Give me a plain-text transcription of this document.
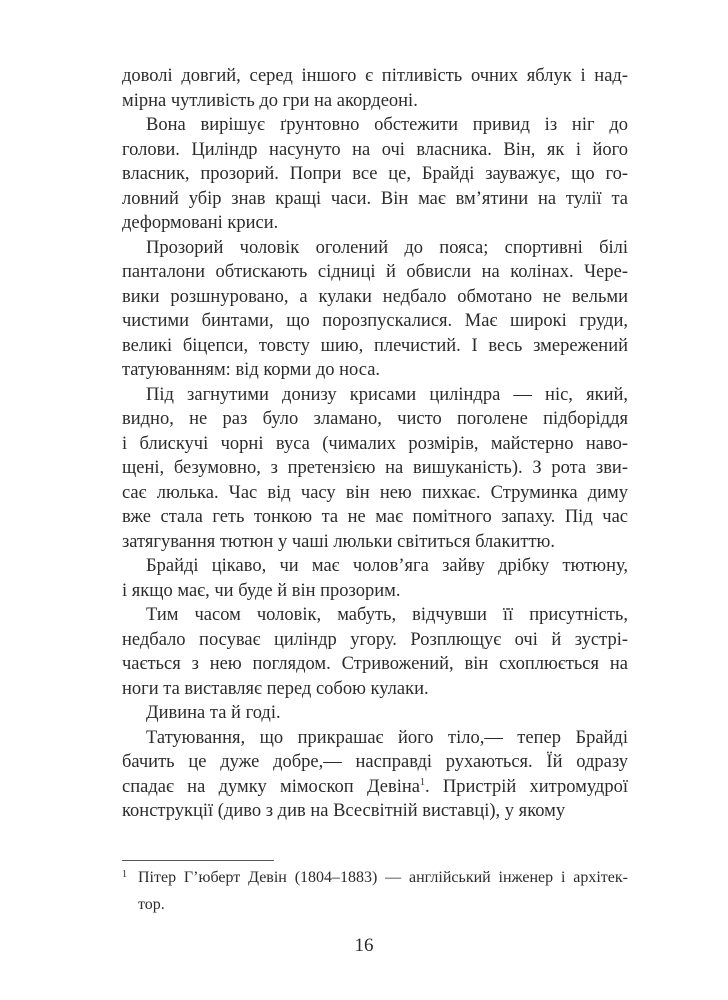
доволі довгий, серед іншого є пітливість очних яблук і над-
мірна чутливість до гри на акордеоні.
Вона вирішує ґрунтовно обстежити привид із ніг до
голови. Циліндр насунуто на очі власника. Він, як і його
власник, прозорий. Попри все це, Брайді зауважує, що го-
ловний убір знав кращі часи. Він має вм’ятини на тулії та
деформовані криси.
Прозорий чоловік оголений до пояса; спортивні білі
панталони обтискають сідниці й обвисли на колінах. Чере-
вики розшнуровано, а кулаки недбало обмотано не вельми
чистими бинтами, що порозпускалися. Має широкі груди,
великі біцепси, товсту шию, плечистий. І весь змережений
татуюванням: від корми до носа.
Під загнутими донизу крисами циліндра — ніс, який,
видно, не раз було зламано, чисто поголене підборіддя
і блискучі чорні вуса (чималих розмірів, майстерно наво-
щені, безумовно, з претензією на вишуканість). З рота зви-
сає люлька. Час від часу він нею пихкає. Струминка диму
вже стала геть тонкою та не має помітного запаху. Під час
затягування тютюн у чаші люльки світиться блакиттю.
Брайді цікаво, чи має чолов’яга зайву дрібку тютюну,
і якщо має, чи буде й він прозорим.
Тим часом чоловік, мабуть, відчувши її присутність,
недбало посуває циліндр угору. Розплющує очі й зустрі-
чається з нею поглядом. Стривожений, він схоплюється на
ноги та виставляє перед собою кулаки.
Дивина та й годі.
Татуювання, що прикрашає його тіло,— тепер Брайді
бачить це дуже добре,— насправді рухаються. Їй одразу
спадає на думку мімоскоп Девіна$^1$. Пристрій хитромудрої
конструкції (диво з див на Всесвітній виставці), у якому
1 Пітер Г’юберт Девін (1804–1883) — англійський інженер і архітек-
тор.
16
